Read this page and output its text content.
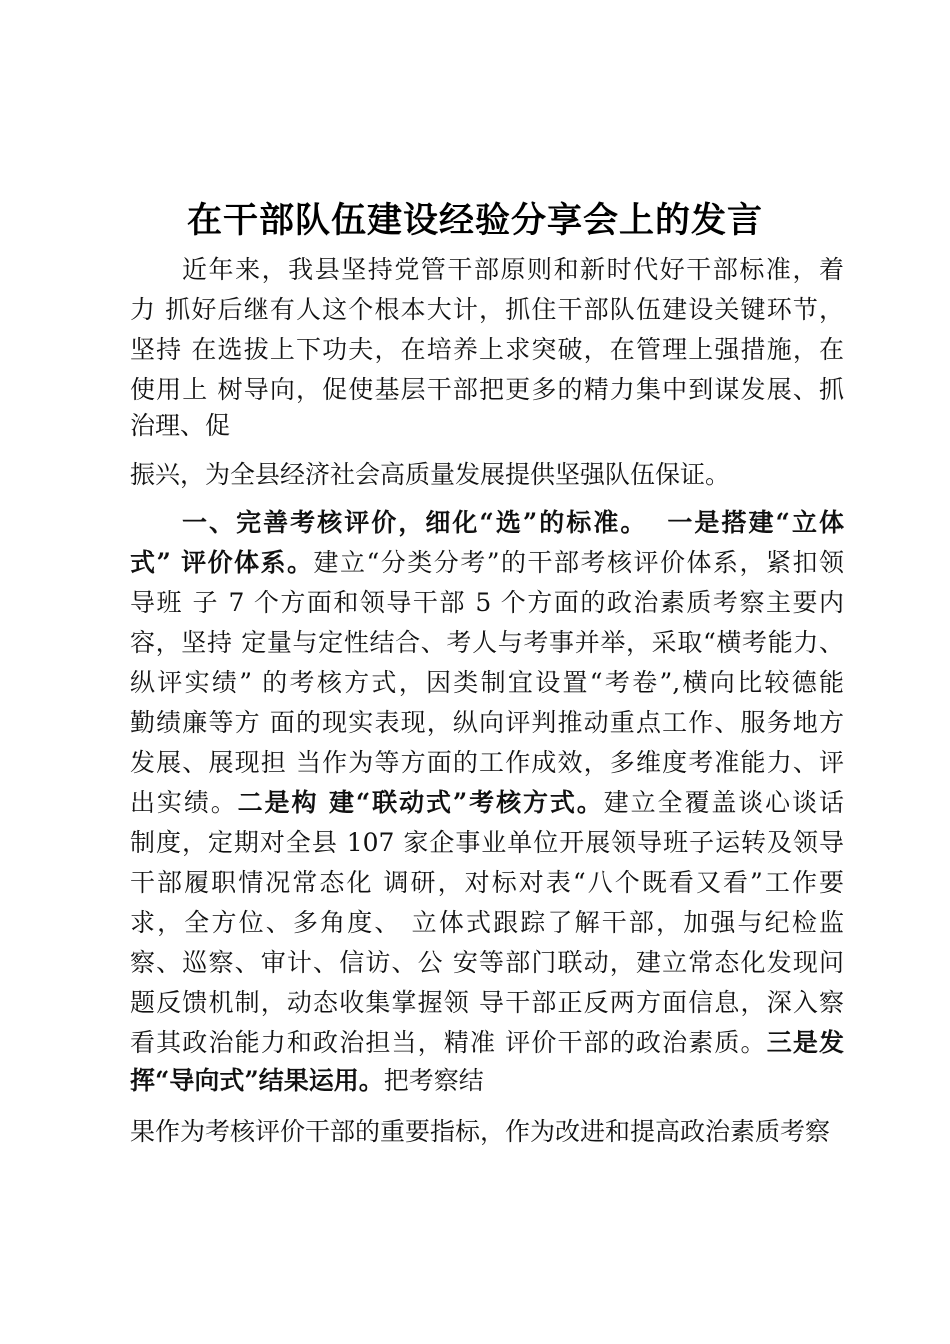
在干部队伍建设经验分享会上的发言
近年来，我县坚持党管干部原则和新时代好干部标准，着
力 抓好后继有人这个根本大计，抓住干部队伍建设关键环节，
坚持 在选拔上下功夫，在培养上求突破，在管理上强措施，在
使用上 树导向，促使基层干部把更多的精力集中到谋发展、抓
治理、促
振兴，为全县经济社会高质量发展提供坚强队伍保证。
一、完善考核评价，细化“选”的标准。 一是搭建“立体
式” 评价体系。建立“分类分考”的干部考核评价体系，紧扣领
导班 子 7 个方面和领导干部 5 个方面的政治素质考察主要内
容，坚持 定量与定性结合、考人与考事并举，采取“横考能力、
纵评实绩” 的考核方式，因类制宜设置“考卷”,横向比较德能
勤绩廉等方 面的现实表现，纵向评判推动重点工作、服务地方
发展、展现担 当作为等方面的工作成效，多维度考准能力、评
出实绩。二是构 建“联动式”考核方式。建立全覆盖谈心谈话
制度，定期对全县 107 家企事业单位开展领导班子运转及领导
干部履职情况常态化 调研，对标对表“八个既看又看”工作要
求，全方位、多角度、 立体式跟踪了解干部，加强与纪检监
察、巡察、审计、信访、公 安等部门联动，建立常态化发现问
题反馈机制，动态收集掌握领 导干部正反两方面信息，深入察
看其政治能力和政治担当，精准 评价干部的政治素质。三是发
挥“导向式”结果运用。把考察结
果作为考核评价干部的重要指标，作为改进和提高政治素质考察
